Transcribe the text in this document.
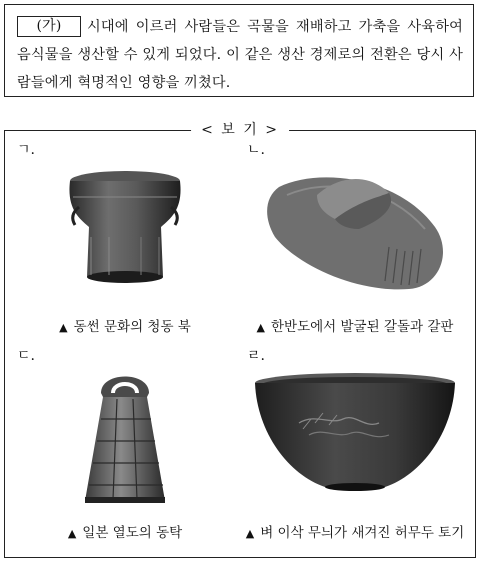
(가) 시대에 이르러 사람들은 곡물을 재배하고 가축을 사육하여 음식물을 생산할 수 있게 되었다. 이 같은 생산 경제로의 전환은 당시 사람들에게 혁명적인 영향을 끼쳤다.
< 보 기 >
ㄱ.
▲ 동썬 문화의 청동 북
ㄴ.
▲ 한반도에서 발굴된 갈돌과 갈판
ㄷ.
▲ 일본 열도의 동탁
ㄹ.
▲ 벼 이삭 무늬가 새겨진 허무두 토기
